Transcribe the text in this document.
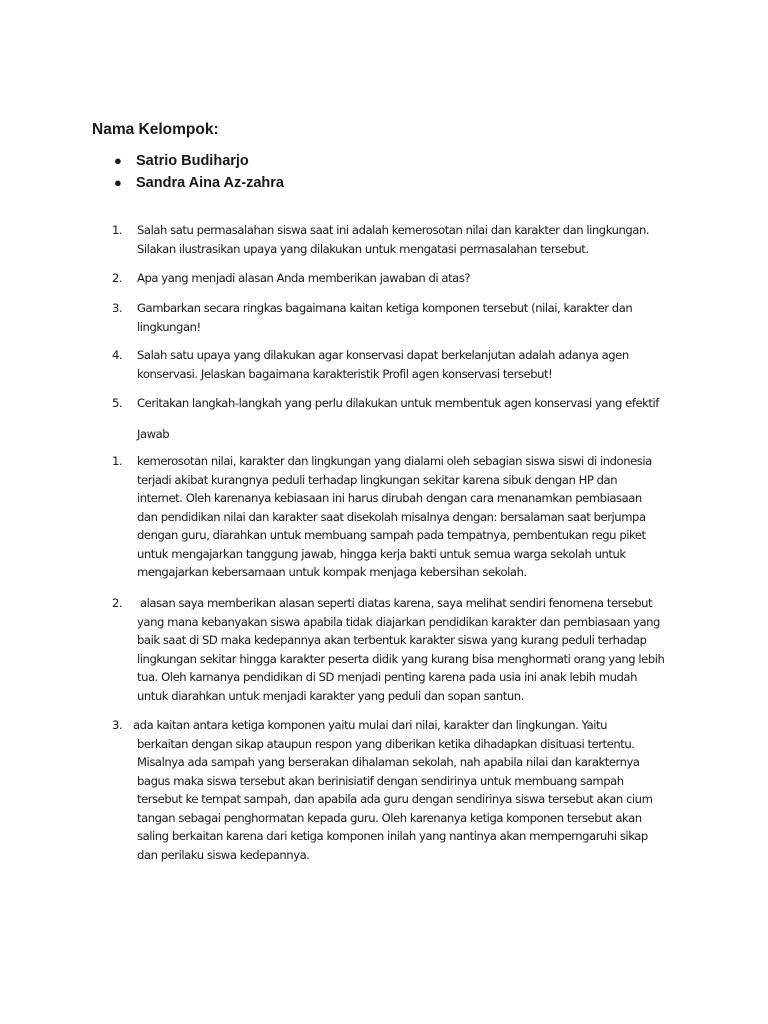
Nama Kelompok:
● Satrio Budiharjo
● Sandra Aina Az-zahra
1. Salah satu permasalahan siswa saat ini adalah kemerosotan nilai dan karakter dan lingkungan.
Silakan ilustrasikan upaya yang dilakukan untuk mengatasi permasalahan tersebut.
2. Apa yang menjadi alasan Anda memberikan jawaban di atas?
3. Gambarkan secara ringkas bagaimana kaitan ketiga komponen tersebut (nilai, karakter dan
lingkungan!
4. Salah satu upaya yang dilakukan agar konservasi dapat berkelanjutan adalah adanya agen
konservasi. Jelaskan bagaimana karakteristik Profil agen konservasi tersebut!
5. Ceritakan langkah-langkah yang perlu dilakukan untuk membentuk agen konservasi yang efektif
Jawab
1. kemerosotan nilai, karakter dan lingkungan yang dialami oleh sebagian siswa siswi di indonesia
terjadi akibat kurangnya peduli terhadap lingkungan sekitar karena sibuk dengan HP dan
internet. Oleh karenanya kebiasaan ini harus dirubah dengan cara menanamkan pembiasaan
dan pendidikan nilai dan karakter saat disekolah misalnya dengan: bersalaman saat berjumpa
dengan guru, diarahkan untuk membuang sampah pada tempatnya, pembentukan regu piket
untuk mengajarkan tanggung jawab, hingga kerja bakti untuk semua warga sekolah untuk
mengajarkan kebersamaan untuk kompak menjaga kebersihan sekolah.
2. alasan saya memberikan alasan seperti diatas karena, saya melihat sendiri fenomena tersebut
yang mana kebanyakan siswa apabila tidak diajarkan pendidikan karakter dan pembiasaan yang
baik saat di SD maka kedepannya akan terbentuk karakter siswa yang kurang peduli terhadap
lingkungan sekitar hingga karakter peserta didik yang kurang bisa menghormati orang yang lebih
tua. Oleh karnanya pendidikan di SD menjadi penting karena pada usia ini anak lebih mudah
untuk diarahkan untuk menjadi karakter yang peduli dan sopan santun.
3. ada kaitan antara ketiga komponen yaitu mulai dari nilai, karakter dan lingkungan. Yaitu
berkaitan dengan sikap ataupun respon yang diberikan ketika dihadapkan disituasi tertentu.
Misalnya ada sampah yang berserakan dihalaman sekolah, nah apabila nilai dan karakternya
bagus maka siswa tersebut akan berinisiatif dengan sendirinya untuk membuang sampah
tersebut ke tempat sampah, dan apabila ada guru dengan sendirinya siswa tersebut akan cium
tangan sebagai penghormatan kepada guru. Oleh karenanya ketiga komponen tersebut akan
saling berkaitan karena dari ketiga komponen inilah yang nantinya akan memperngaruhi sikap
dan perilaku siswa kedepannya.
